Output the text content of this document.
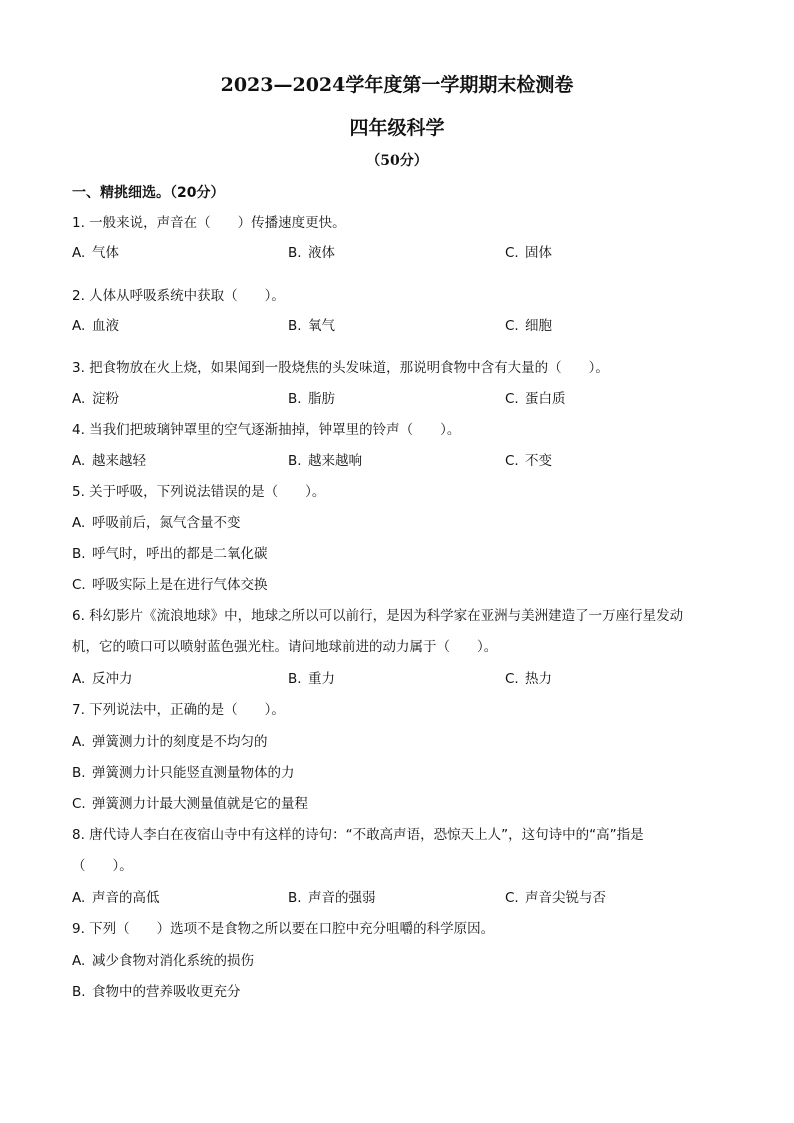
2023—2024学年度第一学期期末检测卷
四年级科学
（50分）
一、精挑细选。（20分）
1. 一般来说，声音在（　　）传播速度更快。
A. 气体	B. 液体	C. 固体
2. 人体从呼吸系统中获取（　　）。
A. 血液	B. 氧气	C. 细胞
3. 把食物放在火上烧，如果闻到一股烧焦的头发味道，那说明食物中含有大量的（　　）。
A. 淀粉	B. 脂肪	C. 蛋白质
4. 当我们把玻璃钟罩里的空气逐渐抽掉，钟罩里的铃声（　　）。
A. 越来越轻	B. 越来越响	C. 不变
5. 关于呼吸，下列说法错误的是（　　）。
A. 呼吸前后，氮气含量不变
B. 呼气时，呼出的都是二氧化碳
C. 呼吸实际上是在进行气体交换
6. 科幻影片《流浪地球》中，地球之所以可以前行，是因为科学家在亚洲与美洲建造了一万座行星发动
机，它的喷口可以喷射蓝色强光柱。请问地球前进的动力属于（　　）。
A. 反冲力	B. 重力	C. 热力
7. 下列说法中，正确的是（　　）。
A. 弹簧测力计的刻度是不均匀的
B. 弹簧测力计只能竖直测量物体的力
C. 弹簧测力计最大测量值就是它的量程
8. 唐代诗人李白在夜宿山寺中有这样的诗句：“不敢高声语，恐惊天上人”，这句诗中的“高”指是
（　　）。
A. 声音的高低	B. 声音的强弱	C. 声音尖锐与否
9. 下列（　　）选项不是食物之所以要在口腔中充分咀嚼的科学原因。
A. 减少食物对消化系统的损伤
B. 食物中的营养吸收更充分
